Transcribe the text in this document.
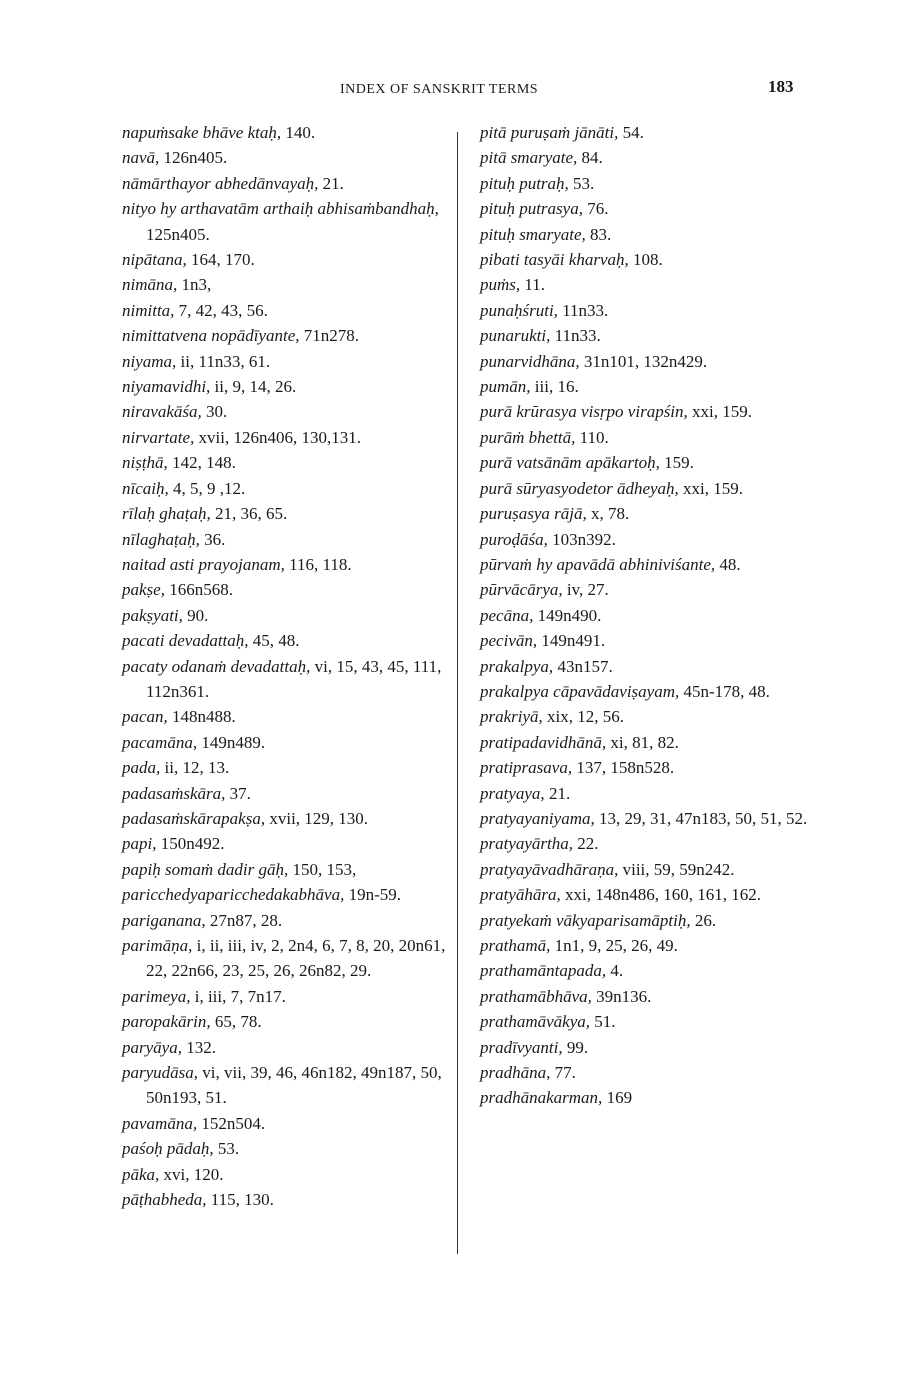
INDEX OF SANSKRIT TERMS	183
napuṁsake bhāve ktaḥ, 140.
navā, 126n405.
nāmārthayor abhedānvayaḥ, 21.
nityo hy arthavatām arthaiḥ abhisaṁbandhaḥ, 125n405.
nipātana, 164, 170.
nimāna, 1n3,
nimitta, 7, 42, 43, 56.
nimittatvena nopādīyante, 71n278.
niyama, ii, 11n33, 61.
niyamavidhi, ii, 9, 14, 26.
niravakāśa, 30.
nirvartate, xvii, 126n406, 130,131.
niṣṭhā, 142, 148.
nīcaiḥ, 4, 5, 9 ,12.
rīlaḥ ghaṭaḥ, 21, 36, 65.
nīlaghaṭaḥ, 36.
naitad asti prayojanam, 116, 118.
pakṣe, 166n568.
pakṣyati, 90.
pacati devadattaḥ, 45, 48.
pacaty odanaṁ devadattaḥ, vi, 15, 43, 45, 111, 112n361.
pacan, 148n488.
pacamāna, 149n489.
pada, ii, 12, 13.
padasaṁskāra, 37.
padasaṁskārapakṣa, xvii, 129, 130.
papi, 150n492.
papiḥ somaṁ dadir gāḥ, 150, 153,
paricchedyaparicchedakabhāva, 19n-59.
pariganana, 27n87, 28.
parimāṇa, i, ii, iii, iv, 2, 2n4, 6, 7, 8, 20, 20n61, 22, 22n66, 23, 25, 26, 26n82, 29.
parimeya, i, iii, 7, 7n17.
paropakārin, 65, 78.
paryāya, 132.
paryudāsa, vi, vii, 39, 46, 46n182, 49n187, 50, 50n193, 51.
pavamāna, 152n504.
paśoḥ pādaḥ, 53.
pāka, xvi, 120.
pāṭhabheda, 115, 130.
pitā puruṣaṁ jānāti, 54.
pitā smaryate, 84.
pituḥ putraḥ, 53.
pituḥ putrasya, 76.
pituḥ smaryate, 83.
pibati tasyāi kharvaḥ, 108.
puṁs, 11.
punaḥśruti, 11n33.
punarukti, 11n33.
punarvidhāna, 31n101, 132n429.
pumān, iii, 16.
purā krūrasya visṛpo virapśin, xxi, 159.
purāṁ bhettā, 110.
purā vatsānām apākartoḥ, 159.
purā sūryasyodetor ādheyaḥ, xxi, 159.
puruṣasya rājā, x, 78.
puroḍāśa, 103n392.
pūrvaṁ hy apavādā abhiniviśante, 48.
pūrvācārya, iv, 27.
pecāna, 149n490.
pecivān, 149n491.
prakalpya, 43n157.
prakalpya cāpavādaviṣayam, 45n-178, 48.
prakriyā, xix, 12, 56.
pratipadavidhānā, xi, 81, 82.
pratiprasava, 137, 158n528.
pratyaya, 21.
pratyayaniyama, 13, 29, 31, 47n183, 50, 51, 52.
pratyayārtha, 22.
pratyayāvadhāraṇa, viii, 59, 59n242.
pratyāhāra, xxi, 148n486, 160, 161, 162.
pratyekaṁ vākyaparisamāptiḥ, 26.
prathamā, 1n1, 9, 25, 26, 49.
prathamāntapada, 4.
prathamābhāva, 39n136.
prathamāvākya, 51.
pradīvyanti, 99.
pradhāna, 77.
pradhānakarman, 169
